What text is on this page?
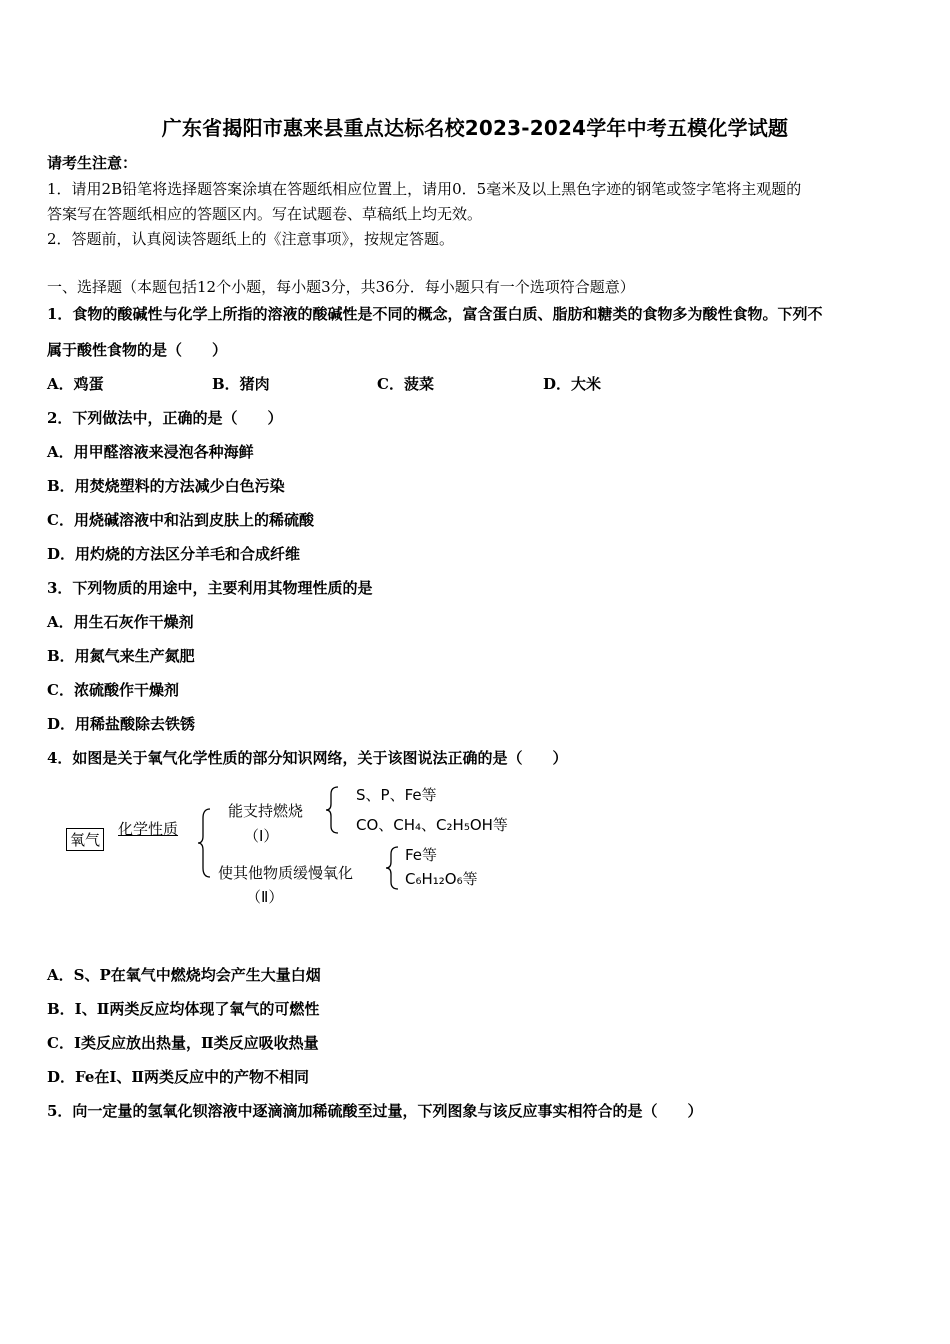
广东省揭阳市惠来县重点达标名校2023-2024学年中考五模化学试题
请考生注意：
1．请用2B铅笔将选择题答案涂填在答题纸相应位置上，请用0．5毫米及以上黑色字迹的钢笔或签字笔将主观题的
答案写在答题纸相应的答题区内。写在试题卷、草稿纸上均无效。
2．答题前，认真阅读答题纸上的《注意事项》，按规定答题。
一、选择题（本题包括12个小题，每小题3分，共36分．每小题只有一个选项符合题意）
1．食物的酸碱性与化学上所指的溶液的酸碱性是不同的概念，富含蛋白质、脂肪和糖类的食物多为酸性食物。下列不
属于酸性食物的是（　　）
A．鸡蛋	B．猪肉	C．菠菜	D．大米
2．下列做法中，正确的是（　　）
A．用甲醛溶液来浸泡各种海鲜
B．用焚烧塑料的方法减少白色污染
C．用烧碱溶液中和沾到皮肤上的稀硫酸
D．用灼烧的方法区分羊毛和合成纤维
3．下列物质的用途中，主要利用其物理性质的是
A．用生石灰作干燥剂
B．用氮气来生产氮肥
C．浓硫酸作干燥剂
D．用稀盐酸除去铁锈
4．如图是关于氧气化学性质的部分知识网络，关于该图说法正确的是（　　）
氧气
化学性质
能支持燃烧
（Ⅰ）
S、P、Fe等
CO、CH₄、C₂H₅OH等
使其他物质缓慢氧化
（Ⅱ）
Fe等
C₆H₁₂O₆等
A．S、P在氧气中燃烧均会产生大量白烟
B．Ⅰ、Ⅱ两类反应均体现了氧气的可燃性
C．Ⅰ类反应放出热量，Ⅱ类反应吸收热量
D．Fe在Ⅰ、Ⅱ两类反应中的产物不相同
5．向一定量的氢氧化钡溶液中逐滴滴加稀硫酸至过量，下列图象与该反应事实相符合的是（　　）
